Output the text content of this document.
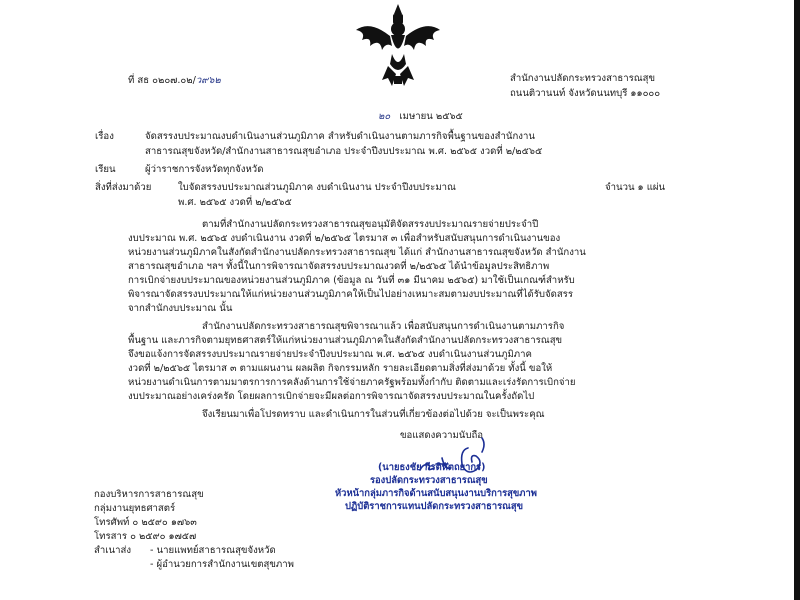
ที่ สธ ๐๒๐๗.๐๒/ว๙๖๒	สำนักงานปลัดกระทรวงสาธารณสุข
ถนนติวานนท์ จังหวัดนนทบุรี ๑๑๐๐๐
๒๐ เมษายน ๒๕๖๕
เรื่อง	จัดสรรงบประมาณงบดำเนินงานส่วนภูมิภาค สำหรับดำเนินงานตามภารกิจพื้นฐานของสำนักงาน
สาธารณสุขจังหวัด/สำนักงานสาธารณสุขอำเภอ ประจำปีงบประมาณ พ.ศ. ๒๕๖๕ งวดที่ ๒/๒๕๖๕
เรียน	ผู้ว่าราชการจังหวัดทุกจังหวัด
สิ่งที่ส่งมาด้วย	ใบจัดสรรงบประมาณส่วนภูมิภาค งบดำเนินงาน ประจำปีงบประมาณ	จำนวน ๑ แผ่น
พ.ศ. ๒๕๖๕ งวดที่ ๒/๒๕๖๕
ตามที่สำนักงานปลัดกระทรวงสาธารณสุขอนุมัติจัดสรรงบประมาณรายจ่ายประจำปี
งบประมาณ พ.ศ. ๒๕๖๕ งบดำเนินงาน งวดที่ ๒/๒๕๖๕ ไตรมาส ๓ เพื่อสำหรับสนับสนุนการดำเนินงานของ
หน่วยงานส่วนภูมิภาคในสังกัดสำนักงานปลัดกระทรวงสาธารณสุข ได้แก่ สำนักงานสาธารณสุขจังหวัด สำนักงาน
สาธารณสุขอำเภอ ฯลฯ ทั้งนี้ในการพิจารณาจัดสรรงบประมาณงวดที่ ๒/๒๕๖๕ ได้นำข้อมูลประสิทธิภาพ
การเบิกจ่ายงบประมาณของหน่วยงานส่วนภูมิภาค (ข้อมูล ณ วันที่ ๓๑ มีนาคม ๒๕๖๕) มาใช้เป็นเกณฑ์สำหรับ
พิจารณาจัดสรรงบประมาณให้แก่หน่วยงานส่วนภูมิภาคให้เป็นไปอย่างเหมาะสมตามงบประมาณที่ได้รับจัดสรร
จากสำนักงบประมาณ นั้น
สำนักงานปลัดกระทรวงสาธารณสุขพิจารณาแล้ว เพื่อสนับสนุนการดำเนินงานตามภารกิจ
พื้นฐาน และภารกิจตามยุทธศาสตร์ให้แก่หน่วยงานส่วนภูมิภาคในสังกัดสำนักงานปลัดกระทรวงสาธารณสุข
จึงขอแจ้งการจัดสรรงบประมาณรายจ่ายประจำปีงบประมาณ พ.ศ. ๒๕๖๕ งบดำเนินงานส่วนภูมิภาค
งวดที่ ๒/๒๕๖๕ ไตรมาส ๓ ตามแผนงาน ผลผลิต กิจกรรมหลัก รายละเอียดตามสิ่งที่ส่งมาด้วย ทั้งนี้ ขอให้
หน่วยงานดำเนินการตามมาตรการการคลังด้านการใช้จ่ายภาครัฐพร้อมทั้งกำกับ ติดตามและเร่งรัดการเบิกจ่าย
งบประมาณอย่างเคร่งครัด โดยผลการเบิกจ่ายจะมีผลต่อการพิจารณาจัดสรรงบประมาณในครั้งถัดไป
จึงเรียนมาเพื่อโปรดทราบ และดำเนินการในส่วนที่เกี่ยวข้องต่อไปด้วย จะเป็นพระคุณ
ขอแสดงความนับถือ
(นายธงชัย กีรติหัตถยากร)
รองปลัดกระทรวงสาธารณสุข
หัวหน้ากลุ่มภารกิจด้านสนับสนุนงานบริการสุขภาพ
ปฏิบัติราชการแทนปลัดกระทรวงสาธารณสุข
กองบริหารการสาธารณสุข
กลุ่มงานยุทธศาสตร์
โทรศัพท์ ๐ ๒๕๙๐ ๑๗๖๓
โทรสาร ๐ ๒๕๙๐ ๑๗๕๗
สำเนาส่ง - นายแพทย์สาธารณสุขจังหวัด
- ผู้อำนวยการสำนักงานเขตสุขภาพ
